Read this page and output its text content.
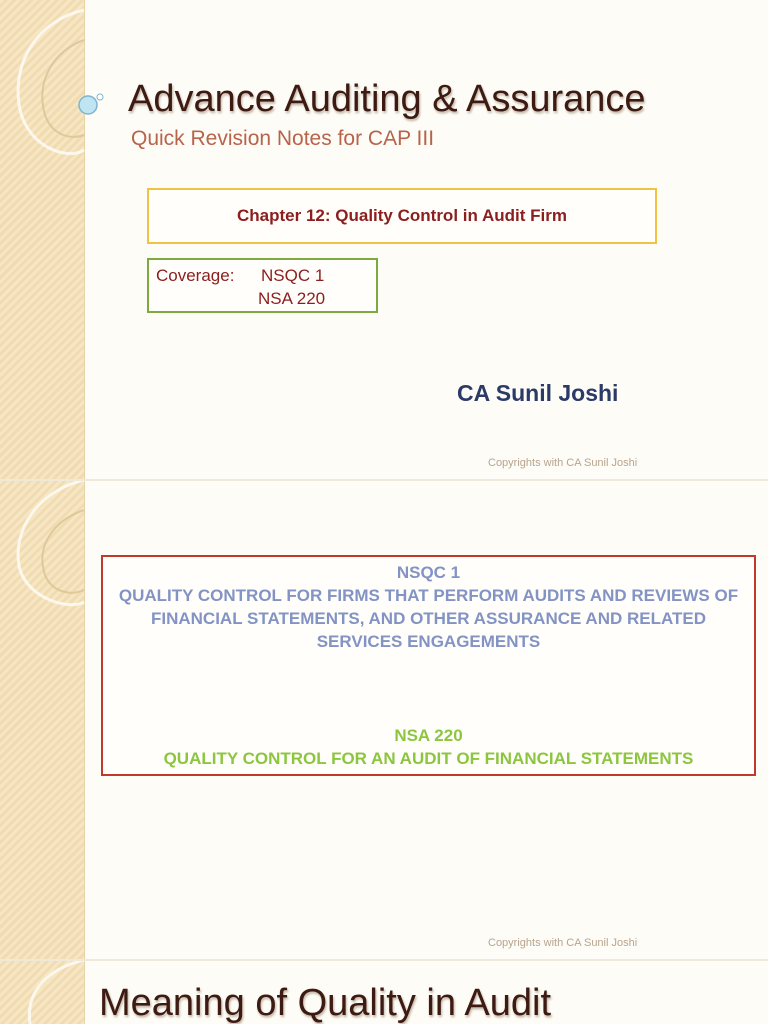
Advance Auditing & Assurance
Quick Revision Notes for CAP III
Chapter 12: Quality Control in Audit Firm
Coverage: NSQC 1
NSA 220

CA Sunil Joshi

Copyrights with CA Sunil Joshi
NSQC 1
QUALITY CONTROL FOR FIRMS THAT PERFORM AUDITS AND REVIEWS OF FINANCIAL STATEMENTS, AND OTHER ASSURANCE AND RELATED SERVICES ENGAGEMENTS
NSA 220
QUALITY CONTROL FOR AN AUDIT OF FINANCIAL STATEMENTS
Copyrights with CA Sunil Joshi
Meaning of Quality in Audit
